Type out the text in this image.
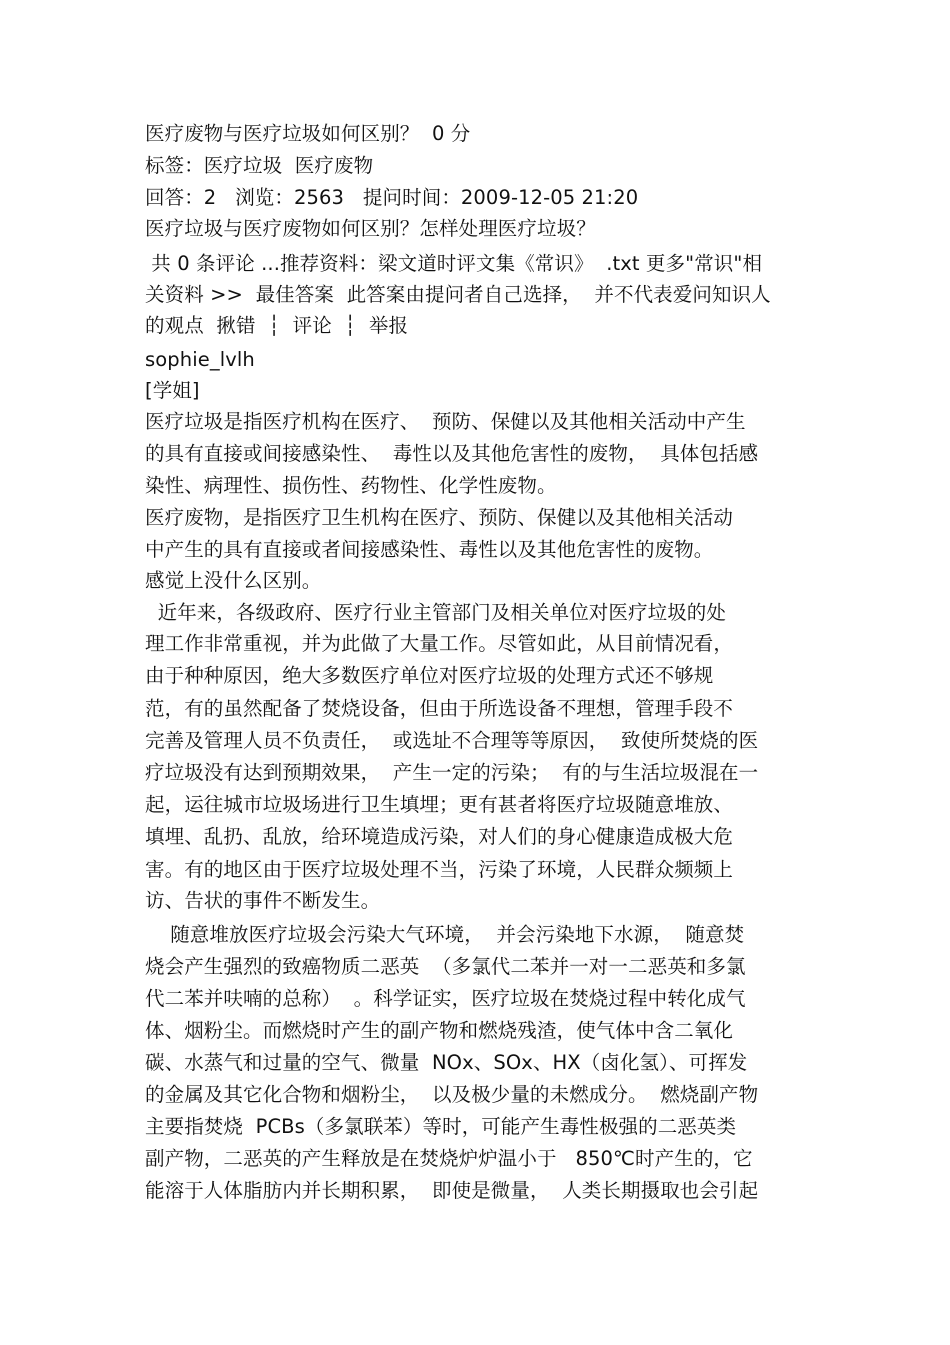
医疗废物与医疗垃圾如何区别？  0 分
标签：医疗垃圾  医疗废物
回答：2   浏览：2563   提问时间：2009-12-05 21:20
医疗垃圾与医疗废物如何区别？怎样处理医疗垃圾？
共 0 条评论 ...推荐资料：梁文道时评文集《常识》  .txt 更多"常识"相
关资料 >>  最佳答案  此答案由提问者自己选择，  并不代表爱问知识人
的观点  揪错  ┆  评论  ┆  举报
sophie_lvlh
[学姐]
医疗垃圾是指医疗机构在医疗、  预防、保健以及其他相关活动中产生
的具有直接或间接感染性、  毒性以及其他危害性的废物，  具体包括感
染性、病理性、损伤性、药物性、化学性废物。
医疗废物，是指医疗卫生机构在医疗、预防、保健以及其他相关活动
中产生的具有直接或者间接感染性、毒性以及其他危害性的废物。
感觉上没什么区别。
近年来，各级政府、医疗行业主管部门及相关单位对医疗垃圾的处
理工作非常重视，并为此做了大量工作。尽管如此，从目前情况看，
由于种种原因，绝大多数医疗单位对医疗垃圾的处理方式还不够规
范，有的虽然配备了焚烧设备，但由于所选设备不理想，管理手段不
完善及管理人员不负责任，  或选址不合理等等原因，  致使所焚烧的医
疗垃圾没有达到预期效果，  产生一定的污染；  有的与生活垃圾混在一
起，运往城市垃圾场进行卫生填埋；更有甚者将医疗垃圾随意堆放、
填埋、乱扔、乱放，给环境造成污染，对人们的身心健康造成极大危
害。有的地区由于医疗垃圾处理不当，污染了环境，人民群众频频上
访、告状的事件不断发生。
随意堆放医疗垃圾会污染大气环境，  并会污染地下水源，  随意焚
烧会产生强烈的致癌物质二恶英  （多氯代二苯并一对一二恶英和多氯
代二苯并呋喃的总称）  。科学证实，医疗垃圾在焚烧过程中转化成气
体、烟粉尘。而燃烧时产生的副产物和燃烧残渣，使气体中含二氧化
碳、水蒸气和过量的空气、微量  NOx、SOx、HX（卤化氢）、可挥发
的金属及其它化合物和烟粉尘，  以及极少量的未燃成分。  燃烧副产物
主要指焚烧  PCBs（多氯联苯）等时，可能产生毒性极强的二恶英类
副产物，二恶英的产生释放是在焚烧炉炉温小于   850℃时产生的，它
能溶于人体脂肪内并长期积累，  即使是微量，  人类长期摄取也会引起
